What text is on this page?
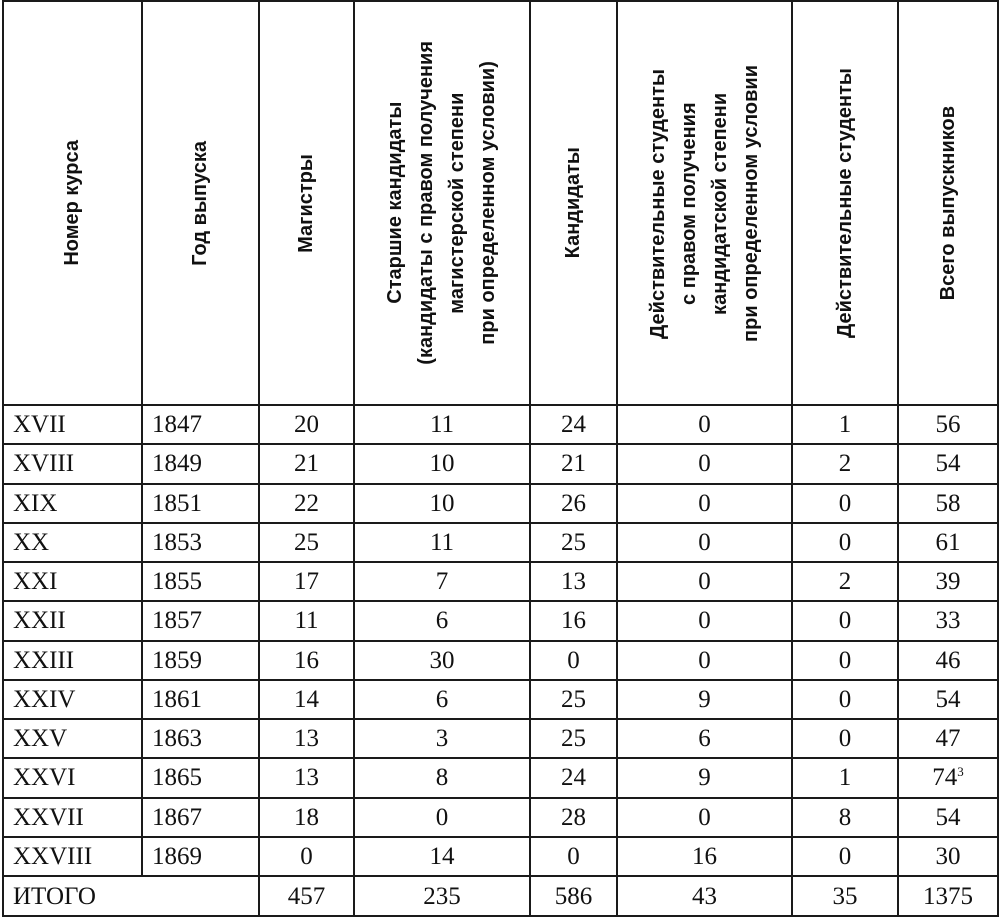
Номер курса	Год выпуска	Магистры	Старшие кандидаты (кандидаты с правом получения магистерской степени при определенном условии)	Кандидаты	Действительные студенты с правом получения кандидатской степени при определенном условии	Действительные студенты	Всего выпускников

XVII	1847	20	11	24	0	1	56
XVIII	1849	21	10	21	0	2	54
XIX	1851	22	10	26	0	0	58
XX	1853	25	11	25	0	0	61
XXI	1855	17	7	13	0	2	39
XXII	1857	11	6	16	0	0	33
XXIII	1859	16	30	0	0	0	46
XXIV	1861	14	6	25	9	0	54
XXV	1863	13	3	25	6	0	47
XXVI	1865	13	8	24	9	1	74$^3$
XXVII	1867	18	0	28	0	8	54
XXVIII	1869	0	14	0	16	0	30
ИТОГО		457	235	586	43	35	1375
